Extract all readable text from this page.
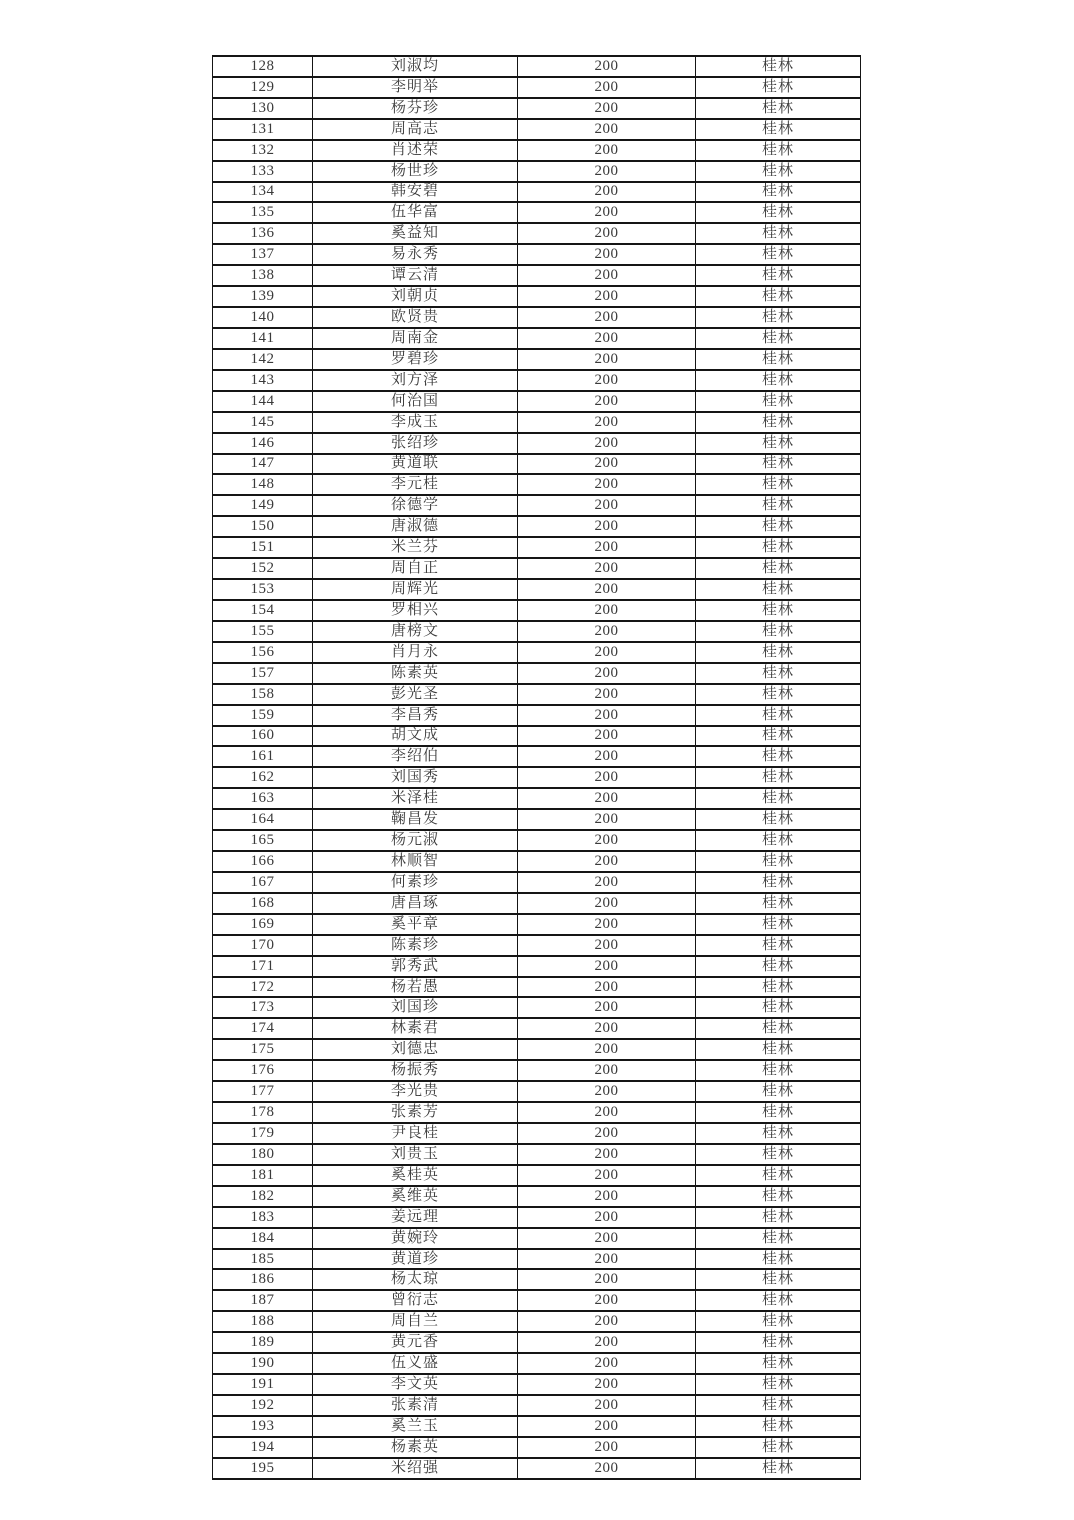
128	刘淑均	200	桂林
129	李明举	200	桂林
130	杨芬珍	200	桂林
131	周高志	200	桂林
132	肖述荣	200	桂林
133	杨世珍	200	桂林
134	韩安碧	200	桂林
135	伍华富	200	桂林
136	奚益知	200	桂林
137	易永秀	200	桂林
138	谭云清	200	桂林
139	刘朝贞	200	桂林
140	欧贤贵	200	桂林
141	周南金	200	桂林
142	罗碧珍	200	桂林
143	刘方泽	200	桂林
144	何治国	200	桂林
145	李成玉	200	桂林
146	张绍珍	200	桂林
147	黄道联	200	桂林
148	李元桂	200	桂林
149	徐德学	200	桂林
150	唐淑德	200	桂林
151	米兰芬	200	桂林
152	周自正	200	桂林
153	周辉光	200	桂林
154	罗相兴	200	桂林
155	唐榜文	200	桂林
156	肖月永	200	桂林
157	陈素英	200	桂林
158	彭光圣	200	桂林
159	李昌秀	200	桂林
160	胡文成	200	桂林
161	李绍伯	200	桂林
162	刘国秀	200	桂林
163	米泽桂	200	桂林
164	鞠昌发	200	桂林
165	杨元淑	200	桂林
166	林顺智	200	桂林
167	何素珍	200	桂林
168	唐昌琢	200	桂林
169	奚平章	200	桂林
170	陈素珍	200	桂林
171	郭秀武	200	桂林
172	杨若愚	200	桂林
173	刘国珍	200	桂林
174	林素君	200	桂林
175	刘德忠	200	桂林
176	杨振秀	200	桂林
177	李光贵	200	桂林
178	张素芳	200	桂林
179	尹良桂	200	桂林
180	刘贵玉	200	桂林
181	奚桂英	200	桂林
182	奚维英	200	桂林
183	姜远理	200	桂林
184	黄婉玲	200	桂林
185	黄道珍	200	桂林
186	杨太琼	200	桂林
187	曾衍志	200	桂林
188	周自兰	200	桂林
189	黄元香	200	桂林
190	伍义盛	200	桂林
191	李文英	200	桂林
192	张素清	200	桂林
193	奚兰玉	200	桂林
194	杨素英	200	桂林
195	米绍强	200	桂林
